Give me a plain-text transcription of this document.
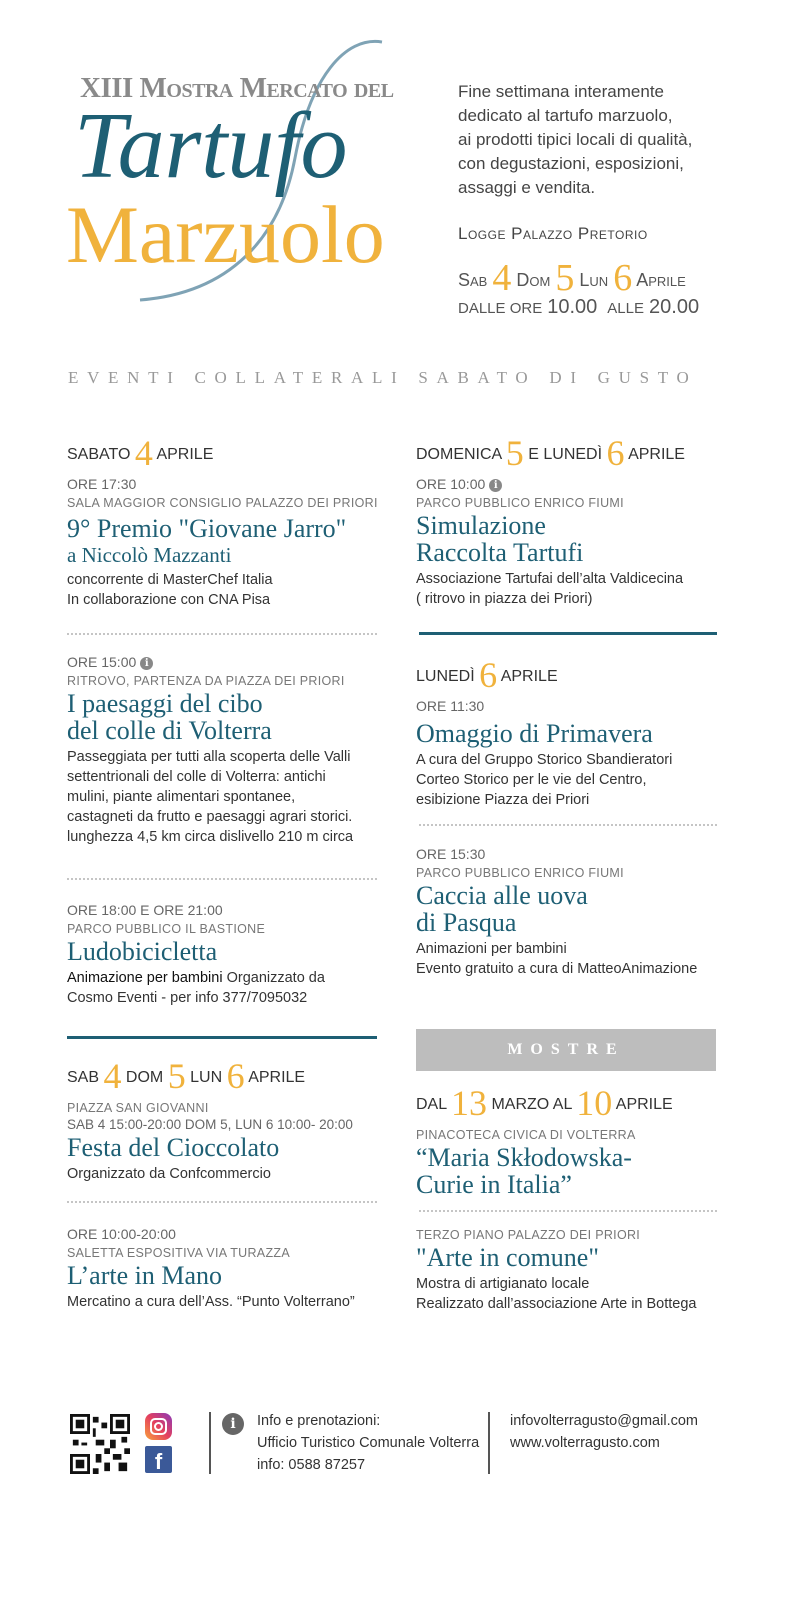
XIII Mostra Mercato del
Tartufo
Marzuolo
Fine settimana interamente
dedicato al tartufo marzuolo,
ai prodotti tipici locali di qualità,
con degustazioni, esposizioni,
assaggi e vendita.
Logge Palazzo Pretorio
Sab 4 Dom 5 Lun 6 Aprile
DALLE ORE 10.00 ALLE 20.00
EVENTI COLLATERALI SABATO DI GUSTO
SABATO 4 APRILE
ORE 17:30
SALA MAGGIOR CONSIGLIO PALAZZO DEI PRIORI
9° Premio "Giovane Jarro"
a Niccolò Mazzanti
concorrente di MasterChef Italia
In collaborazione con CNA Pisa
ORE 15:00 i
RITROVO, PARTENZA DA PIAZZA DEI PRIORI
I paesaggi del cibo
del colle di Volterra
Passeggiata per tutti alla scoperta delle Valli
settentrionali del colle di Volterra: antichi
mulini, piante alimentari spontanee,
castagneti da frutto e paesaggi agrari storici.
lunghezza 4,5 km circa dislivello 210 m circa
ORE 18:00 E ORE 21:00
PARCO PUBBLICO IL BASTIONE
Ludobicicletta
Animazione per bambini Organizzato da
Cosmo Eventi - per info 377/7095032
SAB 4 DOM 5 LUN 6 APRILE
PIAZZA SAN GIOVANNI
SAB 4 15:00-20:00 DOM 5, LUN 6 10:00- 20:00
Festa del Cioccolato
Organizzato da Confcommercio
ORE 10:00-20:00
SALETTA ESPOSITIVA VIA TURAZZA
L’arte in Mano
Mercatino a cura dell’Ass. “Punto Volterrano”
DOMENICA 5 E LUNEDÌ 6 APRILE
ORE 10:00 i
PARCO PUBBLICO ENRICO FIUMI
Simulazione
Raccolta Tartufi
Associazione Tartufai dell’alta Valdicecina
( ritrovo in piazza dei Priori)
LUNEDÌ 6 APRILE
ORE 11:30
Omaggio di Primavera
A cura del Gruppo Storico Sbandieratori
Corteo Storico per le vie del Centro,
esibizione Piazza dei Priori
ORE 15:30
PARCO PUBBLICO ENRICO FIUMI
Caccia alle uova
di Pasqua
Animazioni per bambini
Evento gratuito a cura di MatteoAnimazione
MOSTRE
DAL 13 MARZO AL 10 APRILE
PINACOTECA CIVICA DI VOLTERRA
“Maria Skłodowska-
Curie in Italia”
TERZO PIANO PALAZZO DEI PRIORI
"Arte in comune"
Mostra di artigianato locale
Realizzato dall’associazione Arte in Bottega
f
i	Info e prenotazioni:
Ufficio Turistico Comunale Volterra
info: 0588 87257
infovolterragusto@gmail.com
www.volterragusto.com
